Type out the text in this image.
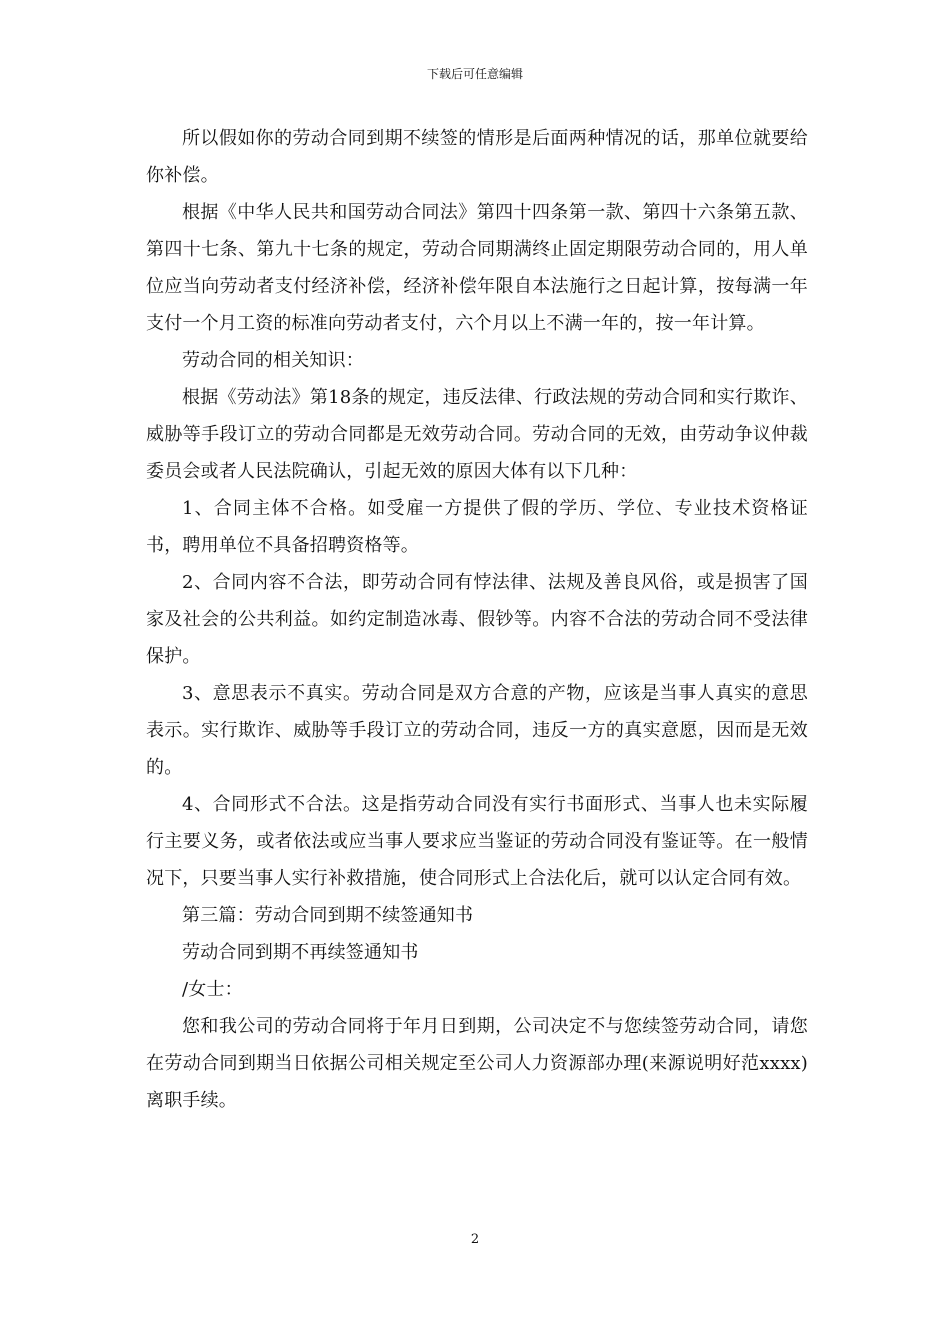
下载后可任意编辑

所以假如你的劳动合同到期不续签的情形是后面两种情况的话，那单位就要给你补偿。

根据《中华人民共和国劳动合同法》第四十四条第一款、第四十六条第五款、第四十七条、第九十七条的规定，劳动合同期满终止固定期限劳动合同的，用人单位应当向劳动者支付经济补偿，经济补偿年限自本法施行之日起计算，按每满一年支付一个月工资的标准向劳动者支付，六个月以上不满一年的，按一年计算。

劳动合同的相关知识：

根据《劳动法》第18条的规定，违反法律、行政法规的劳动合同和实行欺诈、威胁等手段订立的劳动合同都是无效劳动合同。劳动合同的无效，由劳动争议仲裁委员会或者人民法院确认，引起无效的原因大体有以下几种：

1、合同主体不合格。如受雇一方提供了假的学历、学位、专业技术资格证书，聘用单位不具备招聘资格等。

2、合同内容不合法，即劳动合同有悖法律、法规及善良风俗，或是损害了国家及社会的公共利益。如约定制造冰毒、假钞等。内容不合法的劳动合同不受法律保护。

3、意思表示不真实。劳动合同是双方合意的产物，应该是当事人真实的意思表示。实行欺诈、威胁等手段订立的劳动合同，违反一方的真实意愿，因而是无效的。

4、合同形式不合法。这是指劳动合同没有实行书面形式、当事人也未实际履行主要义务，或者依法或应当事人要求应当鉴证的劳动合同没有鉴证等。在一般情况下，只要当事人实行补救措施，使合同形式上合法化后，就可以认定合同有效。

第三篇：劳动合同到期不续签通知书

劳动合同到期不再续签通知书

/女士：

您和我公司的劳动合同将于年月日到期，公司决定不与您续签劳动合同，请您在劳动合同到期当日依据公司相关规定至公司人力资源部办理(来源说明好范xxxx)离职手续。

2
